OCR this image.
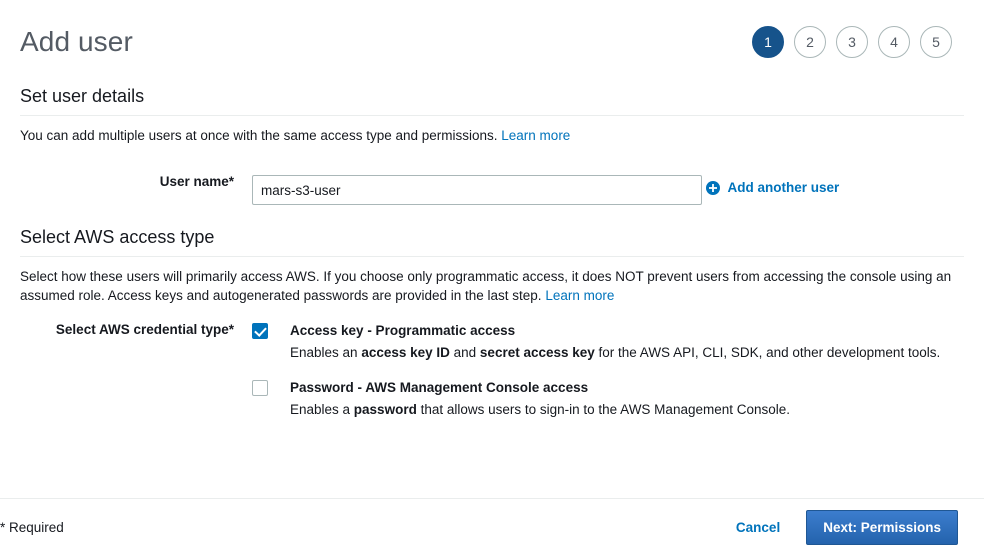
Add user	1	2	3	4	5
Set user details

You can add multiple users at once with the same access type and permissions. Learn more

User name*
mars-s3-user	Add another user
Select AWS access type

Select how these users will primarily access AWS. If you choose only programmatic access, it does NOT prevent users from accessing the console using an assumed role. Access keys and autogenerated passwords are provided in the last step. Learn more

Select AWS credential type*	Access key - Programmatic access
Enables an access key ID and secret access key for the AWS API, CLI, SDK, and other development tools.
Password - AWS Management Console access
Enables a password that allows users to sign-in to the AWS Management Console.
* Required	Cancel	Next: Permissions
